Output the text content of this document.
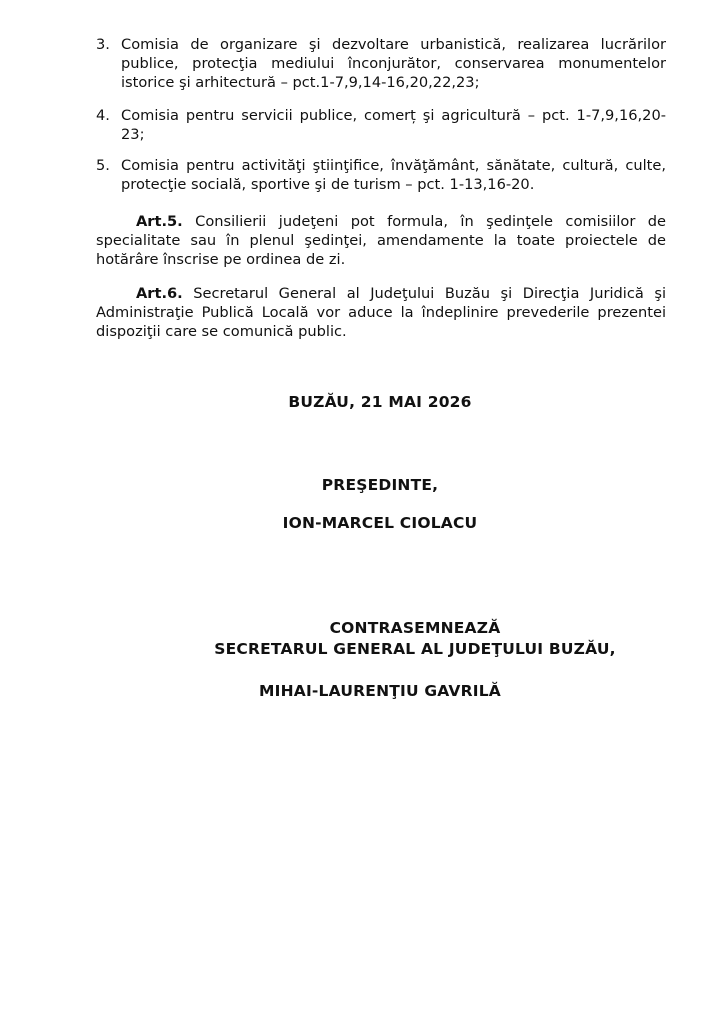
3. Comisia de organizare şi dezvoltare urbanistică, realizarea lucrărilor publice, protecţia mediului înconjurător, conservarea monumentelor istorice şi arhitectură – pct.1-7,9,14-16,20,22,23;
4. Comisia pentru servicii publice, comerț şi agricultură – pct. 1-7,9,16,20-23;
5. Comisia pentru activităţi ştiinţifice, învăţământ, sănătate, cultură, culte, protecţie socială, sportive şi de turism – pct. 1-13,16-20.
Art.5. Consilierii judeţeni pot formula, în şedinţele comisiilor de specialitate sau în plenul şedinţei, amendamente la toate proiectele de hotărâre înscrise pe ordinea de zi.
Art.6. Secretarul General al Judeţului Buzău şi Direcţia Juridică şi Administraţie Publică Locală vor aduce la îndeplinire prevederile prezentei dispoziţii care se comunică public.
BUZĂU, 21 MAI 2026
PREŞEDINTE,
ION-MARCEL CIOLACU
CONTRASEMNEAZĂ
SECRETARUL GENERAL AL JUDEŢULUI BUZĂU,
MIHAI-LAURENŢIU GAVRILĂ
